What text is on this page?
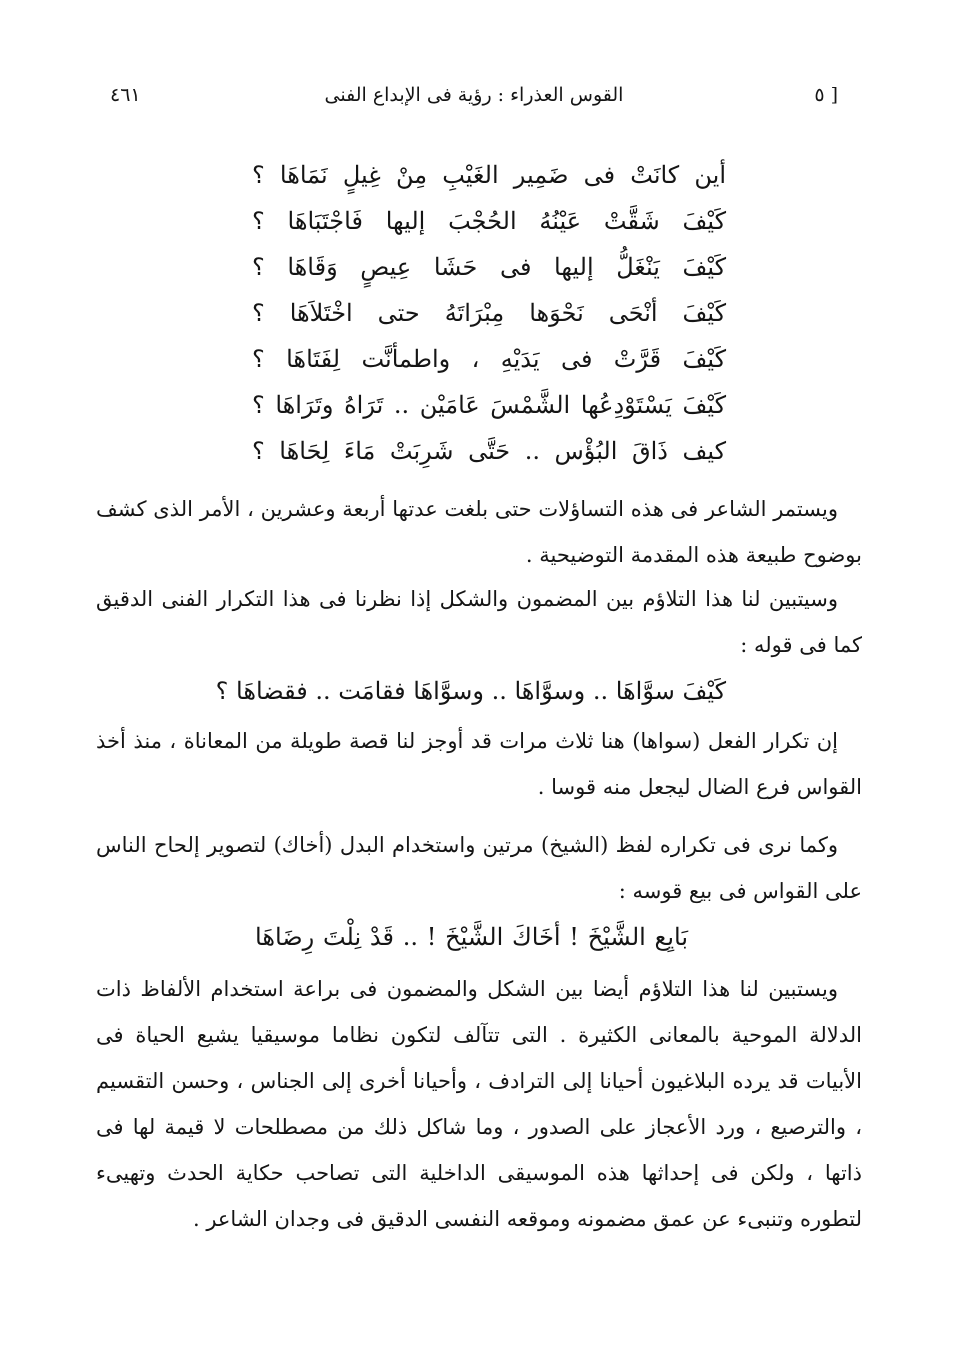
٤٦١	القوس العذراء : رؤية فى الإبداع الفنى	[ ٥
أين كانَتْ فى ضَمِير الغَيْبِ مِنْ غِيلٍ نَمَاهَا ؟
كَيْفَ شَقَّتْ عَيْنُهُ الحُجْبَ إليها فَاجْتَبَاهَا ؟
كَيْفَ يَنْغَلُّ إليها فى حَشَا عِيصٍ وَقَاهَا ؟
كَيْفَ أنْحَى نَحْوَها مِبْرَاتَهُ حتى اخْتَلاَهَا ؟
كَيْفَ قَرَّتْ فى يَدَيْهِ ، واطمأنَّت لِفَتَاهَا ؟
كَيْفَ يَسْتَوْدِعُها الشَّمْسَ عَامَيْن .. تَرَاهُ وتَرَاهَا ؟
كيف ذَاقَ البُؤْس .. حَتَّى شَرِبَتْ مَاءَ لِحَاهَا ؟

ويستمر الشاعر فى هذه التساؤلات حتى بلغت عدتها أربعة وعشرين ، الأمر الذى كشف بوضوح طبيعة هذه المقدمة التوضيحية .

وسيتبين لنا هذا التلاؤم بين المضمون والشكل إذا نظرنا فى هذا التكرار الفنى الدقيق كما فى قوله :

كَيْفَ سوَّاهَا .. وسوَّاهَا .. وسوَّاهَا فقامَت .. فقضاهَا ؟

إن تكرار الفعل (سواها) هنا ثلاث مرات قد أوجز لنا قصة طويلة من المعاناة ، منذ أخذ القواس فرع الضال ليجعل منه قوسا .

وكما نرى فى تكراره لفظ (الشيخ) مرتين واستخدام البدل (أخاك) لتصوير إلحاح الناس على القواس فى بيع قوسه :

بَايِع الشَّيْخَ ! أخَاكَ الشَّيْخَ ! .. قَدْ نِلْتَ رِضَاهَا

ويستبين لنا هذا التلاؤم أيضا بين الشكل والمضمون فى براعة استخدام الألفاظ ذات الدلالة الموحية بالمعانى الكثيرة . التى تتآلف لتكون نظاما موسيقيا يشيع الحياة فى الأبيات قد يرده البلاغيون أحيانا إلى الترادف ، وأحيانا أخرى إلى الجناس ، وحسن التقسيم ، والترصيع ، ورد الأعجاز على الصدور ، وما شاكل ذلك من مصطلحات لا قيمة لها فى ذاتها ، ولكن فى إحداثها هذه الموسيقى الداخلية التى تصاحب حكاية الحدث وتهيىء لتطوره وتنبىء عن عمق مضمونه وموقعه النفسى الدقيق فى وجدان الشاعر .
